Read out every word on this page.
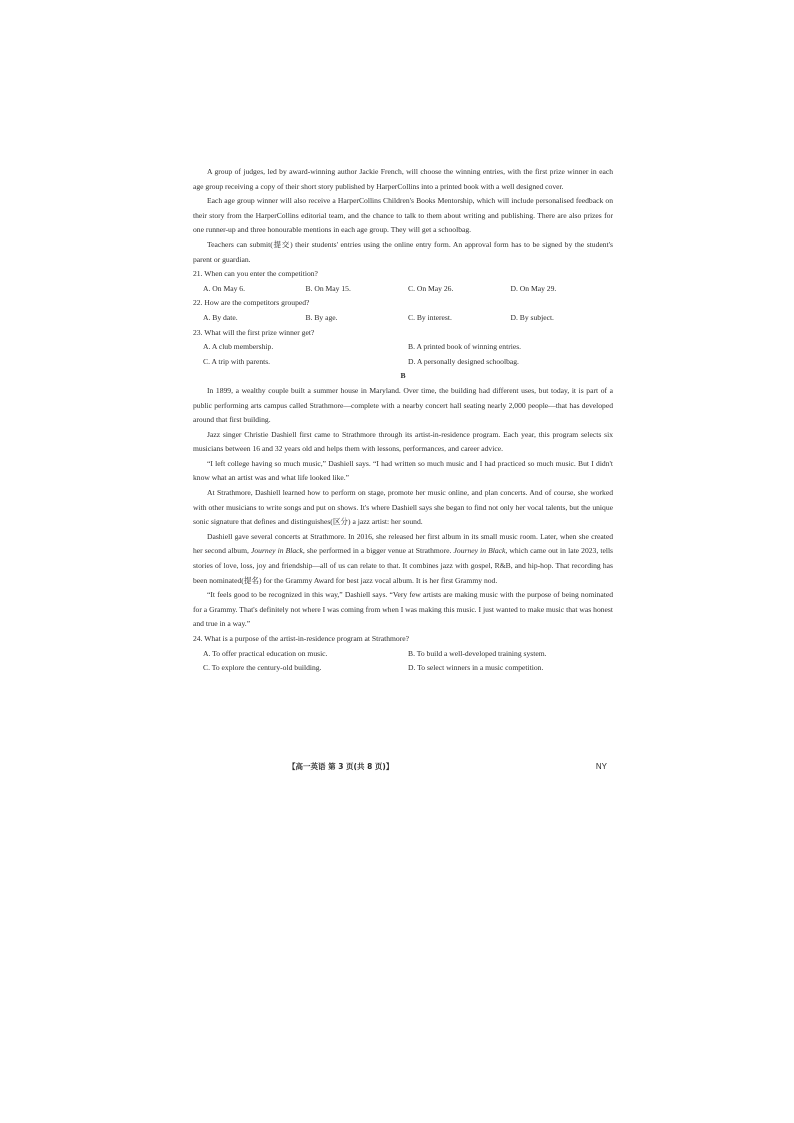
A group of judges, led by award-winning author Jackie French, will choose the winning entries, with the first prize winner in each age group receiving a copy of their short story published by HarperCollins into a printed book with a well designed cover.

Each age group winner will also receive a HarperCollins Children's Books Mentorship, which will include personalised feedback on their story from the HarperCollins editorial team, and the chance to talk to them about writing and publishing. There are also prizes for one runner-up and three honourable mentions in each age group. They will get a schoolbag.

Teachers can submit(提交) their students' entries using the online entry form. An approval form has to be signed by the student's parent or guardian.

21. When can you enter the competition?

A. On May 6.	B. On May 15.	C. On May 26.	D. On May 29.

22. How are the competitors grouped?

A. By date.	B. By age.	C. By interest.	D. By subject.

23. What will the first prize winner get?

A. A club membership.	B. A printed book of winning entries.
C. A trip with parents.	D. A personally designed schoolbag.

B

In 1899, a wealthy couple built a summer house in Maryland. Over time, the building had different uses, but today, it is part of a public performing arts campus called Strathmore—complete with a nearby concert hall seating nearly 2,000 people—that has developed around that first building.

Jazz singer Christie Dashiell first came to Strathmore through its artist-in-residence program. Each year, this program selects six musicians between 16 and 32 years old and helps them with lessons, performances, and career advice.

“I left college having so much music,” Dashiell says. “I had written so much music and I had practiced so much music. But I didn't know what an artist was and what life looked like.”

At Strathmore, Dashiell learned how to perform on stage, promote her music online, and plan concerts. And of course, she worked with other musicians to write songs and put on shows. It's where Dashiell says she began to find not only her vocal talents, but the unique sonic signature that defines and distinguishes(区分) a jazz artist: her sound.

Dashiell gave several concerts at Strathmore. In 2016, she released her first album in its small music room. Later, when she created her second album, Journey in Black, she performed in a bigger venue at Strathmore. Journey in Black, which came out in late 2023, tells stories of love, loss, joy and friendship—all of us can relate to that. It combines jazz with gospel, R&B, and hip-hop. That recording has been nominated(提名) for the Grammy Award for best jazz vocal album. It is her first Grammy nod.

“It feels good to be recognized in this way,” Dashiell says. “Very few artists are making music with the purpose of being nominated for a Grammy. That's definitely not where I was coming from when I was making this music. I just wanted to make music that was honest and true in a way.”

24. What is a purpose of the artist-in-residence program at Strathmore?

A. To offer practical education on music.	B. To build a well-developed training system.
C. To explore the century-old building.	D. To select winners in a music competition.
【高一英语 第 3 页(共 8 页)】	NY
